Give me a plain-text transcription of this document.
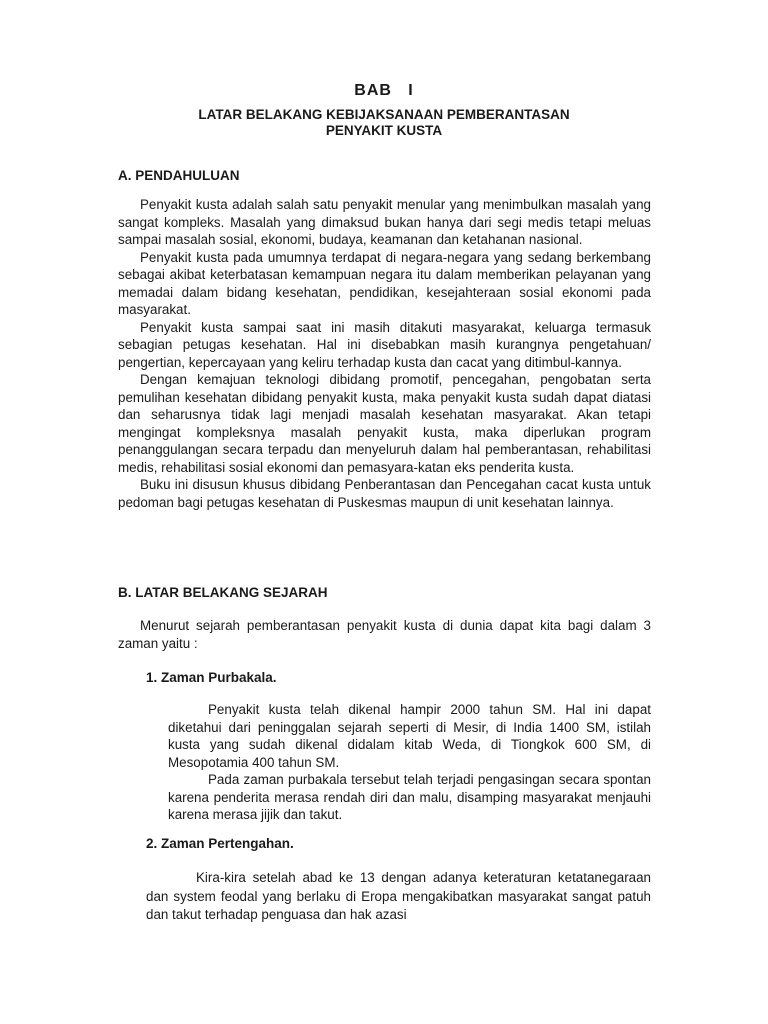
BAB   I
LATAR BELAKANG KEBIJAKSANAAN PEMBERANTASAN
PENYAKIT KUSTA
A. PENDAHULUAN

Penyakit kusta adalah salah satu penyakit menular yang menimbulkan masalah yang sangat kompleks. Masalah yang dimaksud bukan hanya dari segi medis tetapi meluas sampai masalah sosial, ekonomi, budaya, keamanan dan ketahanan nasional.

Penyakit kusta pada umumnya terdapat di negara-negara yang sedang berkembang sebagai akibat keterbatasan kemampuan negara itu dalam memberikan pelayanan yang memadai dalam bidang kesehatan, pendidikan, kesejahteraan sosial ekonomi pada masyarakat.

Penyakit kusta sampai saat ini masih ditakuti masyarakat, keluarga termasuk sebagian petugas kesehatan. Hal ini disebabkan masih kurangnya pengetahuan/ pengertian, kepercayaan yang keliru terhadap kusta dan cacat yang ditimbul-kannya.

Dengan kemajuan teknologi dibidang promotif, pencegahan, pengobatan serta pemulihan kesehatan dibidang penyakit kusta, maka penyakit kusta sudah dapat diatasi dan seharusnya tidak lagi menjadi masalah kesehatan masyarakat. Akan tetapi mengingat kompleksnya masalah penyakit kusta, maka diperlukan program penanggulangan secara terpadu dan menyeluruh dalam hal pemberantasan, rehabilitasi medis, rehabilitasi sosial ekonomi dan pemasyara-katan eks penderita kusta.

Buku ini disusun khusus dibidang Penberantasan dan Pencegahan cacat kusta untuk pedoman bagi petugas kesehatan di Puskesmas maupun di unit kesehatan lainnya.

B. LATAR BELAKANG SEJARAH

Menurut sejarah pemberantasan penyakit kusta di dunia dapat kita bagi dalam 3 zaman yaitu :

1. Zaman Purbakala.

Penyakit kusta telah dikenal hampir 2000 tahun SM. Hal ini dapat diketahui dari peninggalan sejarah seperti di Mesir, di India 1400 SM, istilah kusta yang sudah dikenal didalam kitab Weda, di Tiongkok 600 SM, di Mesopotamia 400 tahun SM.

Pada zaman purbakala tersebut telah terjadi pengasingan secara spontan karena penderita merasa rendah diri dan malu, disamping masyarakat menjauhi karena merasa jijik dan takut.

2. Zaman Pertengahan.

Kira-kira setelah abad ke 13 dengan adanya keteraturan ketatanegaraan dan system feodal yang berlaku di Eropa mengakibatkan masyarakat sangat patuh dan takut terhadap penguasa dan hak azasi
